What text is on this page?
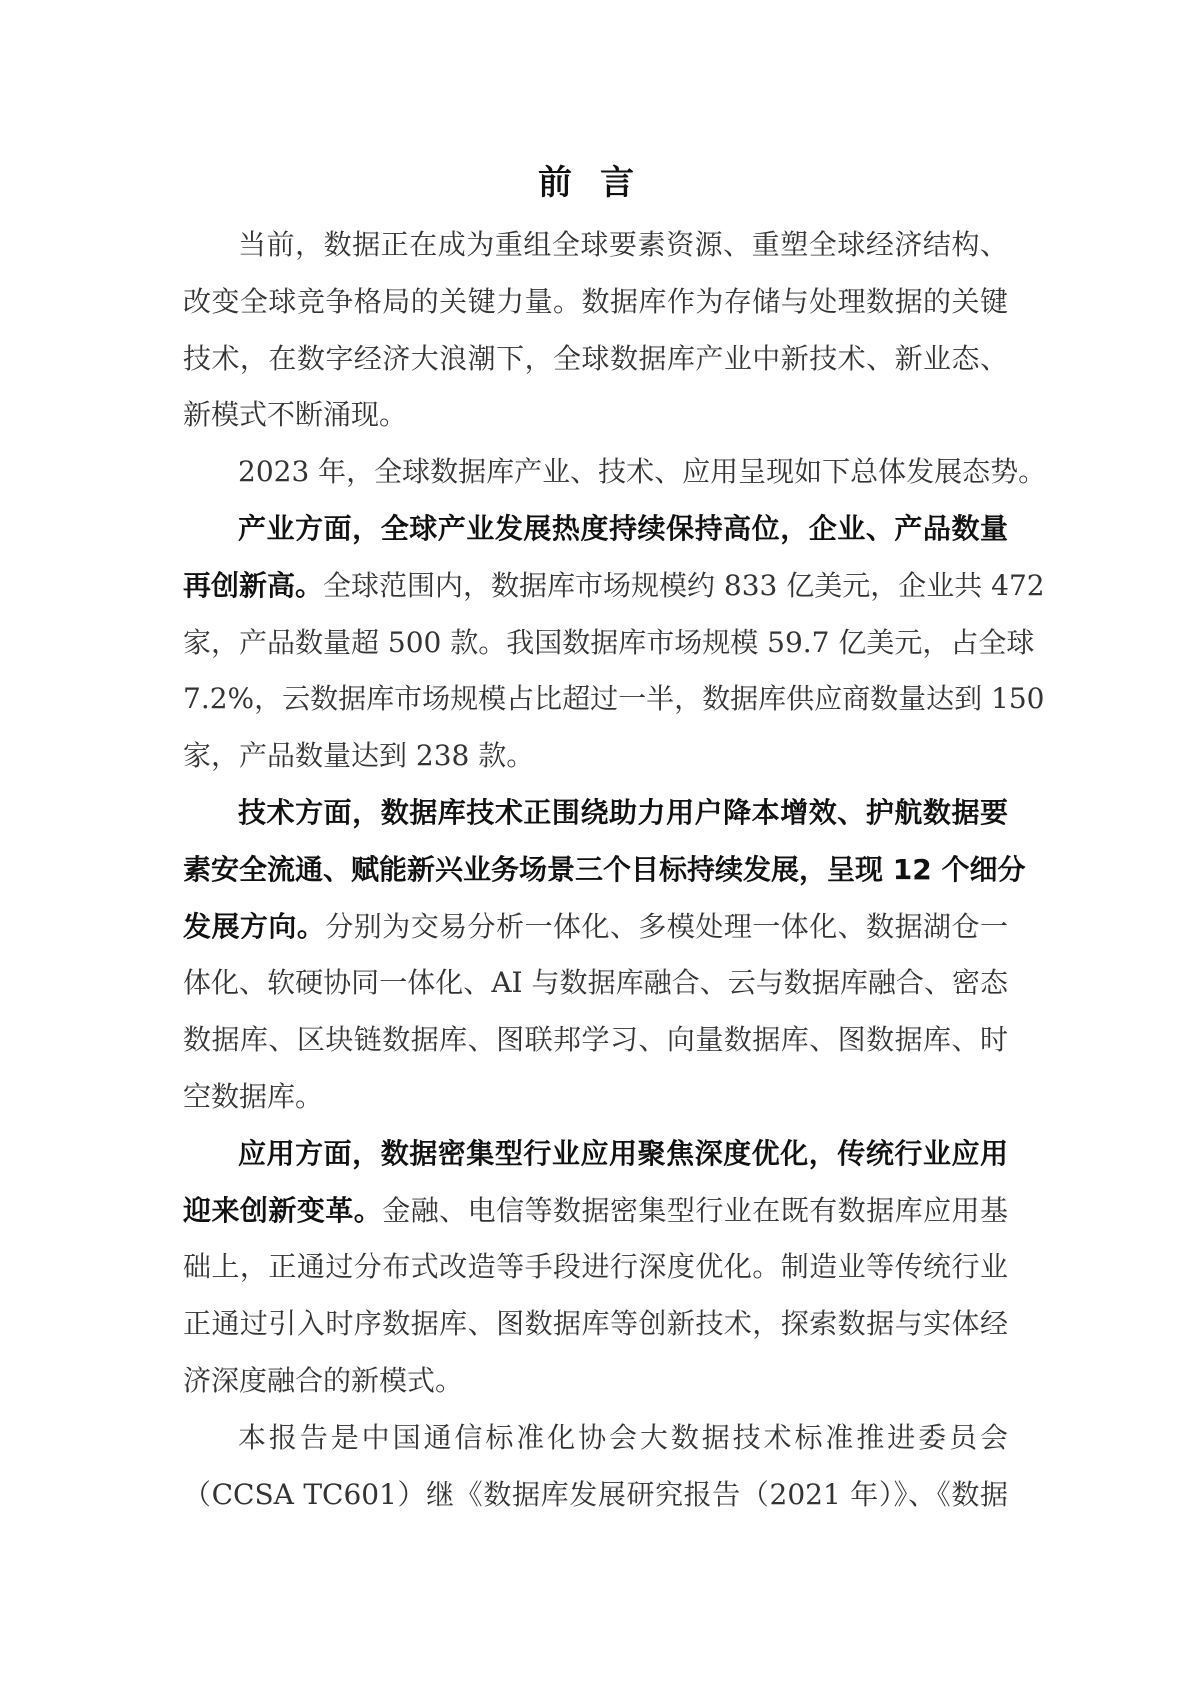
前言
当前，数据正在成为重组全球要素资源、重塑全球经济结构、
改变全球竞争格局的关键力量。数据库作为存储与处理数据的关键
技术，在数字经济大浪潮下，全球数据库产业中新技术、新业态、
新模式不断涌现。
2023 年，全球数据库产业、技术、应用呈现如下总体发展态势。
产业方面，全球产业发展热度持续保持高位，企业、产品数量
再创新高。全球范围内，数据库市场规模约 833 亿美元，企业共 472
家，产品数量超 500 款。我国数据库市场规模 59.7 亿美元，占全球
7.2%，云数据库市场规模占比超过一半，数据库供应商数量达到 150
家，产品数量达到 238 款。
技术方面，数据库技术正围绕助力用户降本增效、护航数据要
素安全流通、赋能新兴业务场景三个目标持续发展，呈现 12 个细分
发展方向。分别为交易分析一体化、多模处理一体化、数据湖仓一
体化、软硬协同一体化、AI 与数据库融合、云与数据库融合、密态
数据库、区块链数据库、图联邦学习、向量数据库、图数据库、时
空数据库。
应用方面，数据密集型行业应用聚焦深度优化，传统行业应用
迎来创新变革。金融、电信等数据密集型行业在既有数据库应用基
础上，正通过分布式改造等手段进行深度优化。制造业等传统行业
正通过引入时序数据库、图数据库等创新技术，探索数据与实体经
济深度融合的新模式。
本报告是中国通信标准化协会大数据技术标准推进委员会
（CCSA TC601）继《数据库发展研究报告（2021 年）》、《数据
